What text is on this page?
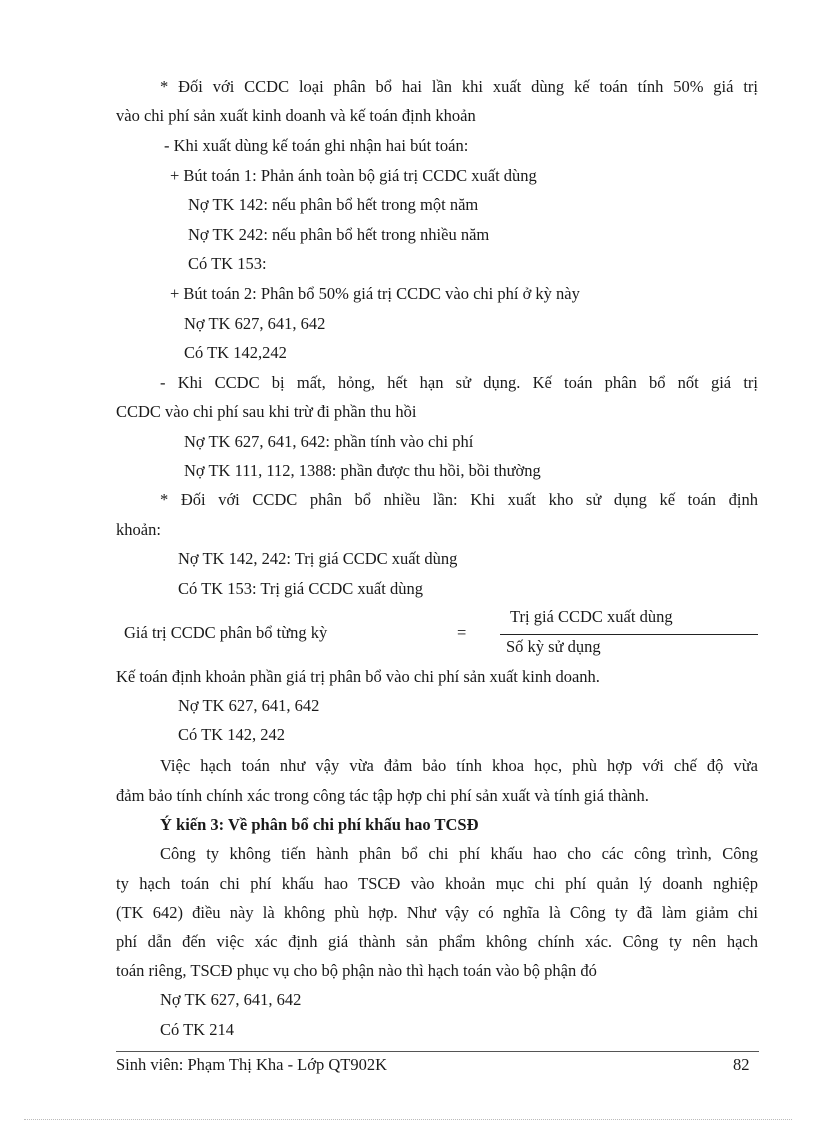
* Đối với CCDC loại phân bổ hai lần khi xuất dùng kế toán tính 50% giá trị
vào chi phí sản xuất kinh doanh và kế toán định khoản
- Khi xuất dùng kế toán ghi nhận hai bút toán:
+ Bút toán 1: Phản ánh toàn bộ giá trị CCDC xuất dùng
Nợ TK 142: nếu phân bổ hết trong một năm
Nợ TK 242: nếu phân bổ hết trong nhiều năm
Có TK 153:
+ Bút toán 2: Phân bổ 50% giá trị CCDC vào chi phí ở kỳ này
Nợ TK 627, 641, 642
Có TK 142,242
- Khi CCDC bị mất, hỏng, hết hạn sử dụng. Kế toán phân bổ nốt giá trị
CCDC vào chi phí sau khi trừ đi phần thu hồi
Nợ TK 627, 641, 642: phần tính vào chi phí
Nợ TK 111, 112, 1388: phần được thu hồi, bồi thường
* Đối với CCDC phân bổ nhiều lần: Khi xuất kho sử dụng kế toán định
khoản:
Nợ TK 142, 242: Trị giá CCDC xuất dùng
Có TK 153: Trị giá CCDC xuất dùng
Giá trị CCDC phân bổ từng kỳ	=
Trị giá CCDC xuất dùng
Số kỳ sử dụng
Kế toán định khoản phần giá trị phân bổ vào chi phí sản xuất kinh doanh.
Nợ TK 627, 641, 642
Có TK 142, 242
Việc hạch toán như vậy vừa đảm bảo tính khoa học, phù hợp với chế độ vừa
đảm bảo tính chính xác trong công tác tập hợp chi phí sản xuất và tính giá thành.
Ý kiến 3: Về phân bổ chi phí khấu hao TCSĐ
Công ty không tiến hành phân bổ chi phí khấu hao cho các công trình, Công
ty hạch toán chi phí khấu hao TSCĐ vào khoản mục chi phí quản lý doanh nghiệp
(TK 642) điều này là không phù hợp. Như vậy có nghĩa là Công ty đã làm giảm chi
phí dẫn đến việc xác định giá thành sản phẩm không chính xác. Công ty nên hạch
toán riêng, TSCĐ phục vụ cho bộ phận nào thì hạch toán vào bộ phận đó
Nợ TK 627, 641, 642
Có TK 214
Sinh viên: Phạm Thị Kha - Lớp QT902K	82
